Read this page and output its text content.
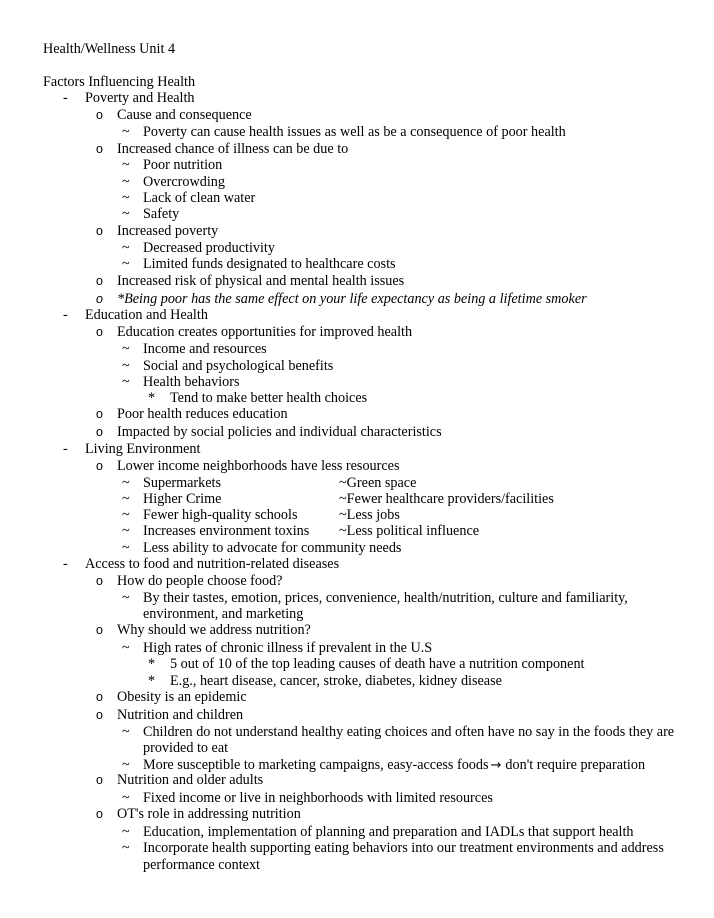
Health/Wellness Unit 4
Factors Influencing Health
- Poverty and Health
o Cause and consequence
~ Poverty can cause health issues as well as be a consequence of poor health
o Increased chance of illness can be due to
~ Poor nutrition
~ Overcrowding
~ Lack of clean water
~ Safety
o Increased poverty
~ Decreased productivity
~ Limited funds designated to healthcare costs
o Increased risk of physical and mental health issues
o *Being poor has the same effect on your life expectancy as being a lifetime smoker
- Education and Health
o Education creates opportunities for improved health
~ Income and resources
~ Social and psychological benefits
~ Health behaviors
* Tend to make better health choices
o Poor health reduces education
o Impacted by social policies and individual characteristics
- Living Environment
o Lower income neighborhoods have less resources
~ Supermarkets	~Green space
~ Higher Crime	~Fewer healthcare providers/facilities
~ Fewer high-quality schools	~Less jobs
~ Increases environment toxins ~Less political influence
~ Less ability to advocate for community needs
- Access to food and nutrition-related diseases
o How do people choose food?
~ By their tastes, emotion, prices, convenience, health/nutrition, culture and familiarity,
environment, and marketing
o Why should we address nutrition?
~ High rates of chronic illness if prevalent in the U.S
* 5 out of 10 of the top leading causes of death have a nutrition component
* E.g., heart disease, cancer, stroke, diabetes, kidney disease
o Obesity is an epidemic
o Nutrition and children
~ Children do not understand healthy eating choices and often have no say in the foods they are
provided to eat
~ More susceptible to marketing campaigns, easy-access foods → don't require preparation
o Nutrition and older adults
~ Fixed income or live in neighborhoods with limited resources
o OT's role in addressing nutrition
~ Education, implementation of planning and preparation and IADLs that support health
~ Incorporate health supporting eating behaviors into our treatment environments and address
performance context
